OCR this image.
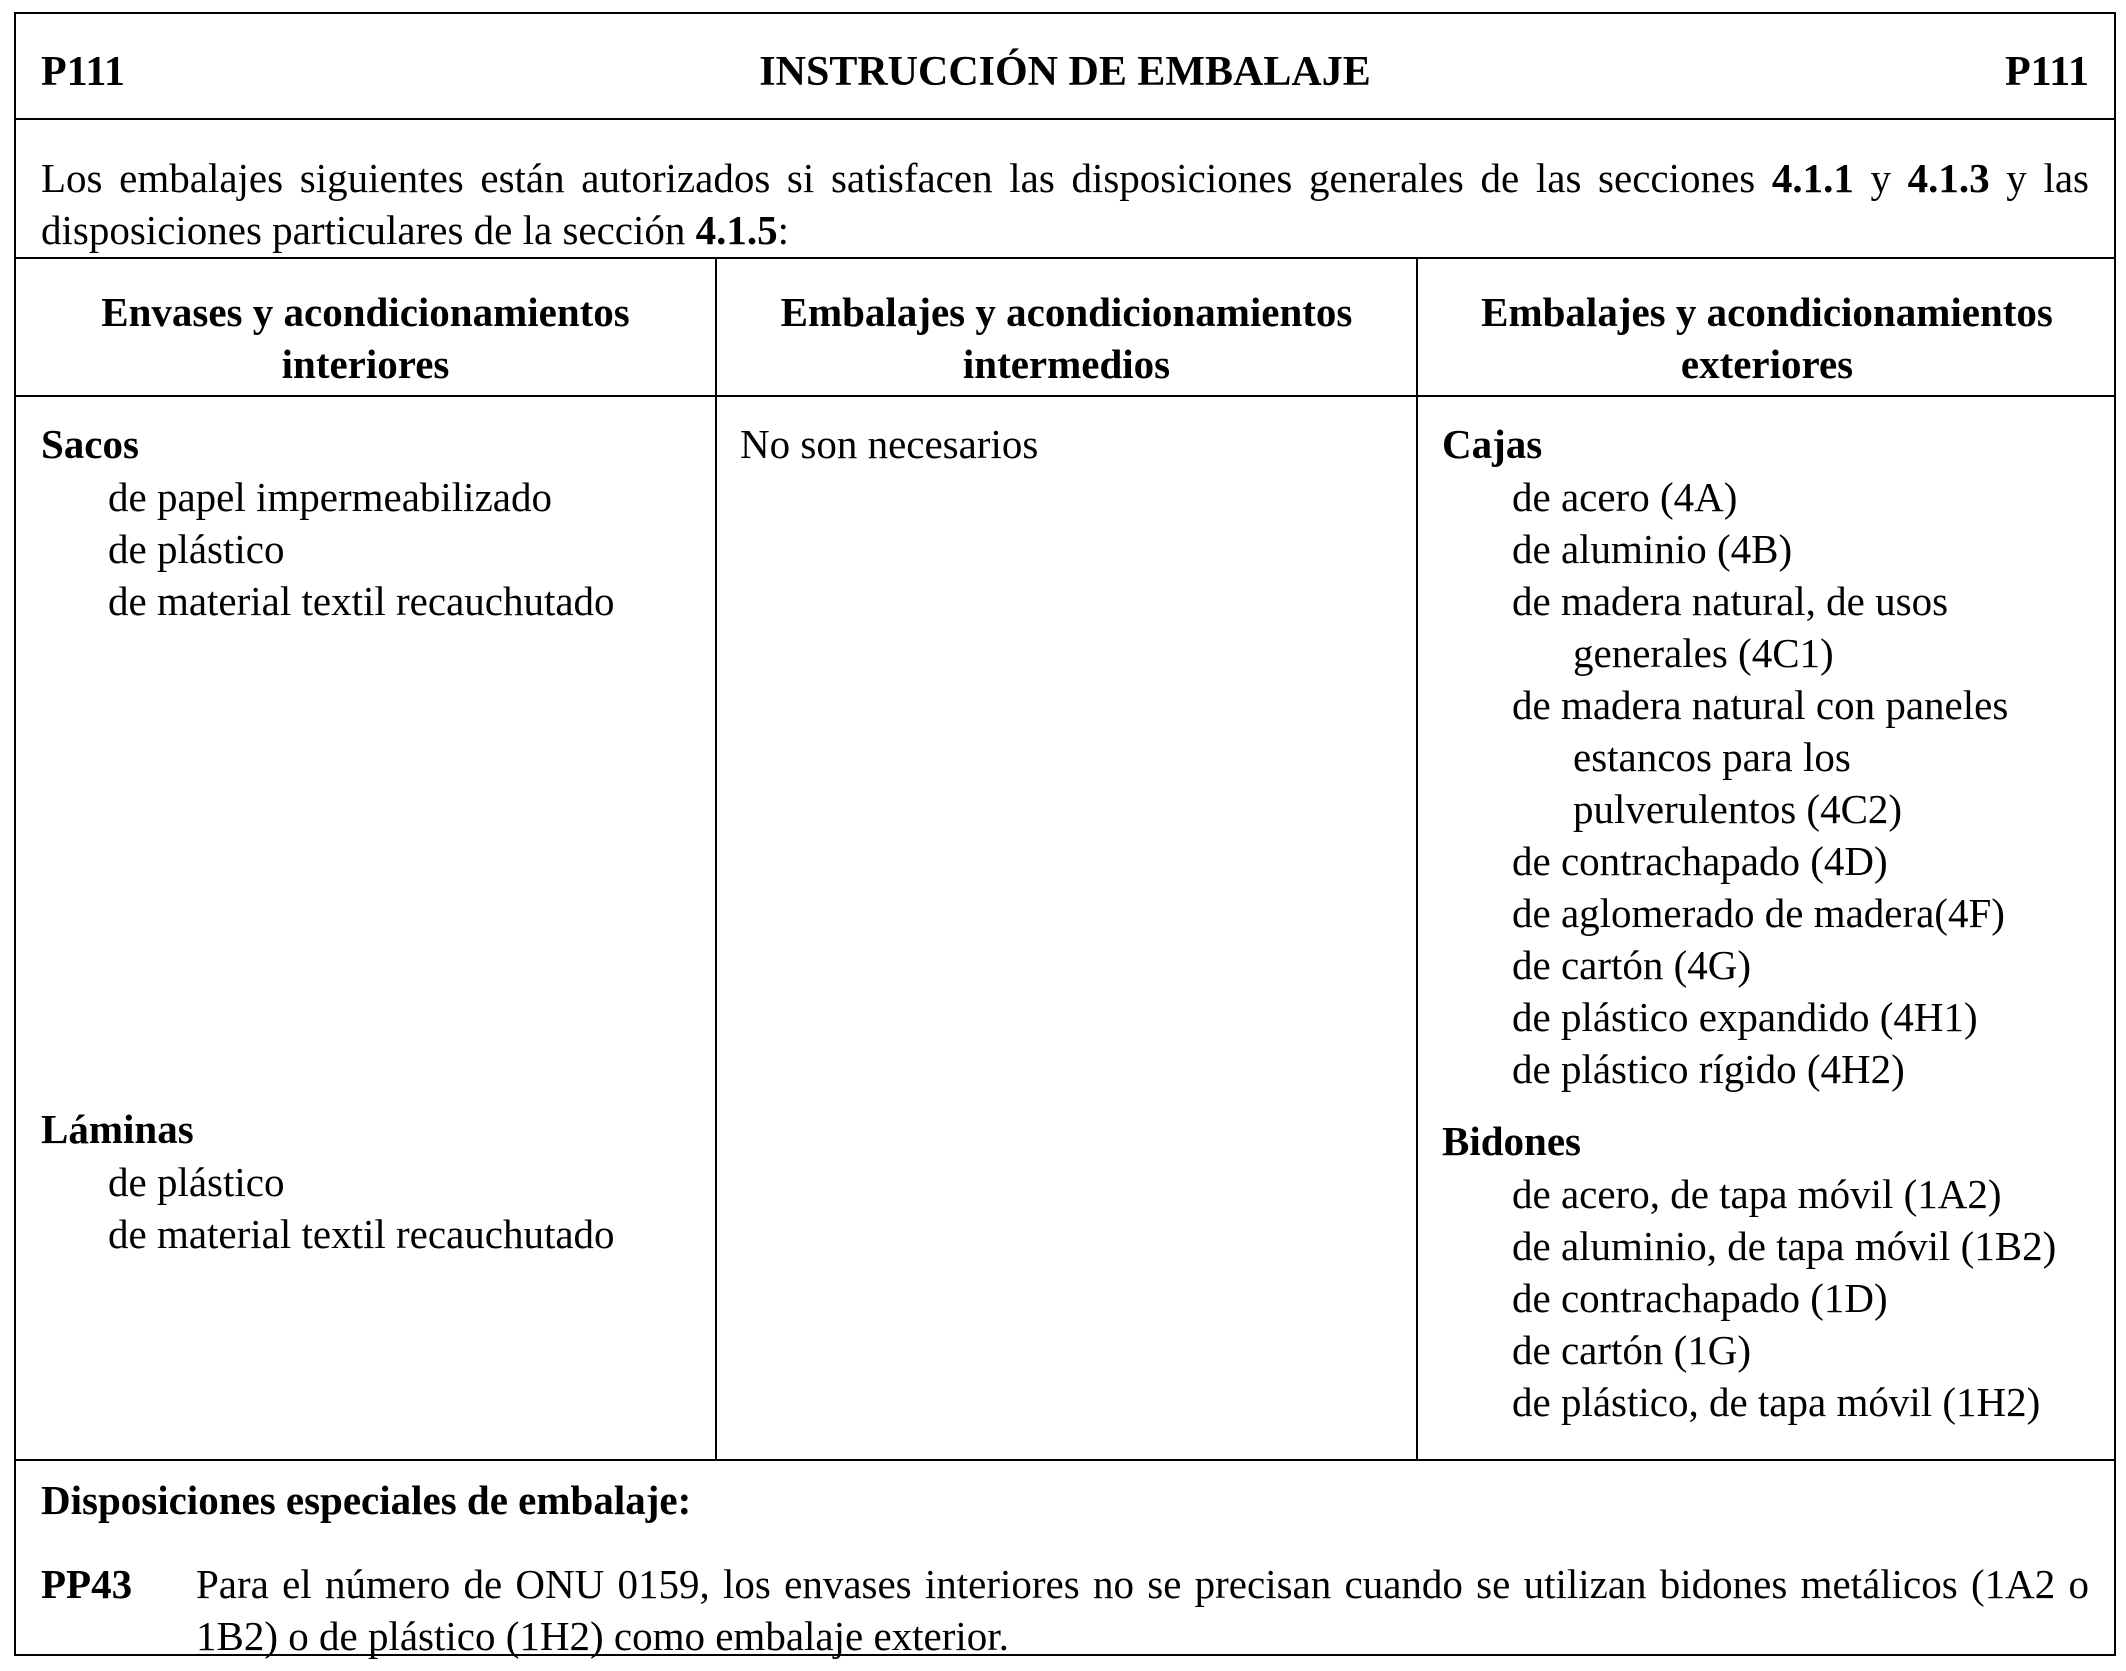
INSTRUCCIÓN DE EMBALAJE
P111	P111
Los embalajes siguientes están autorizados si satisfacen las disposiciones generales de las secciones 4.1.1 y 4.1.3 y las disposiciones particulares de la sección 4.1.5:
Envases y acondicionamientos
interiores
Embalajes y acondicionamientos
intermedios
Embalajes y acondicionamientos
exteriores
Sacos
de papel impermeabilizado
de plástico
de material textil recauchutado
Láminas
de plástico
de material textil recauchutado
No son necesarios	Cajas
de acero (4A)
de aluminio (4B)
de madera natural, de usos
generales (4C1)
de madera natural con paneles
estancos para los
pulverulentos (4C2)
de contrachapado (4D)
de aglomerado de madera(4F)
de cartón (4G)
de plástico expandido (4H1)
de plástico rígido (4H2)
Bidones
de acero, de tapa móvil (1A2)
de aluminio, de tapa móvil (1B2)
de contrachapado (1D)
de cartón (1G)
de plástico, de tapa móvil (1H2)
Disposiciones especiales de embalaje:
PP43 Para el número de ONU 0159, los envases interiores no se precisan cuando se utilizan bidones metálicos (1A2 o 1B2) o de plástico (1H2) como embalaje exterior.
